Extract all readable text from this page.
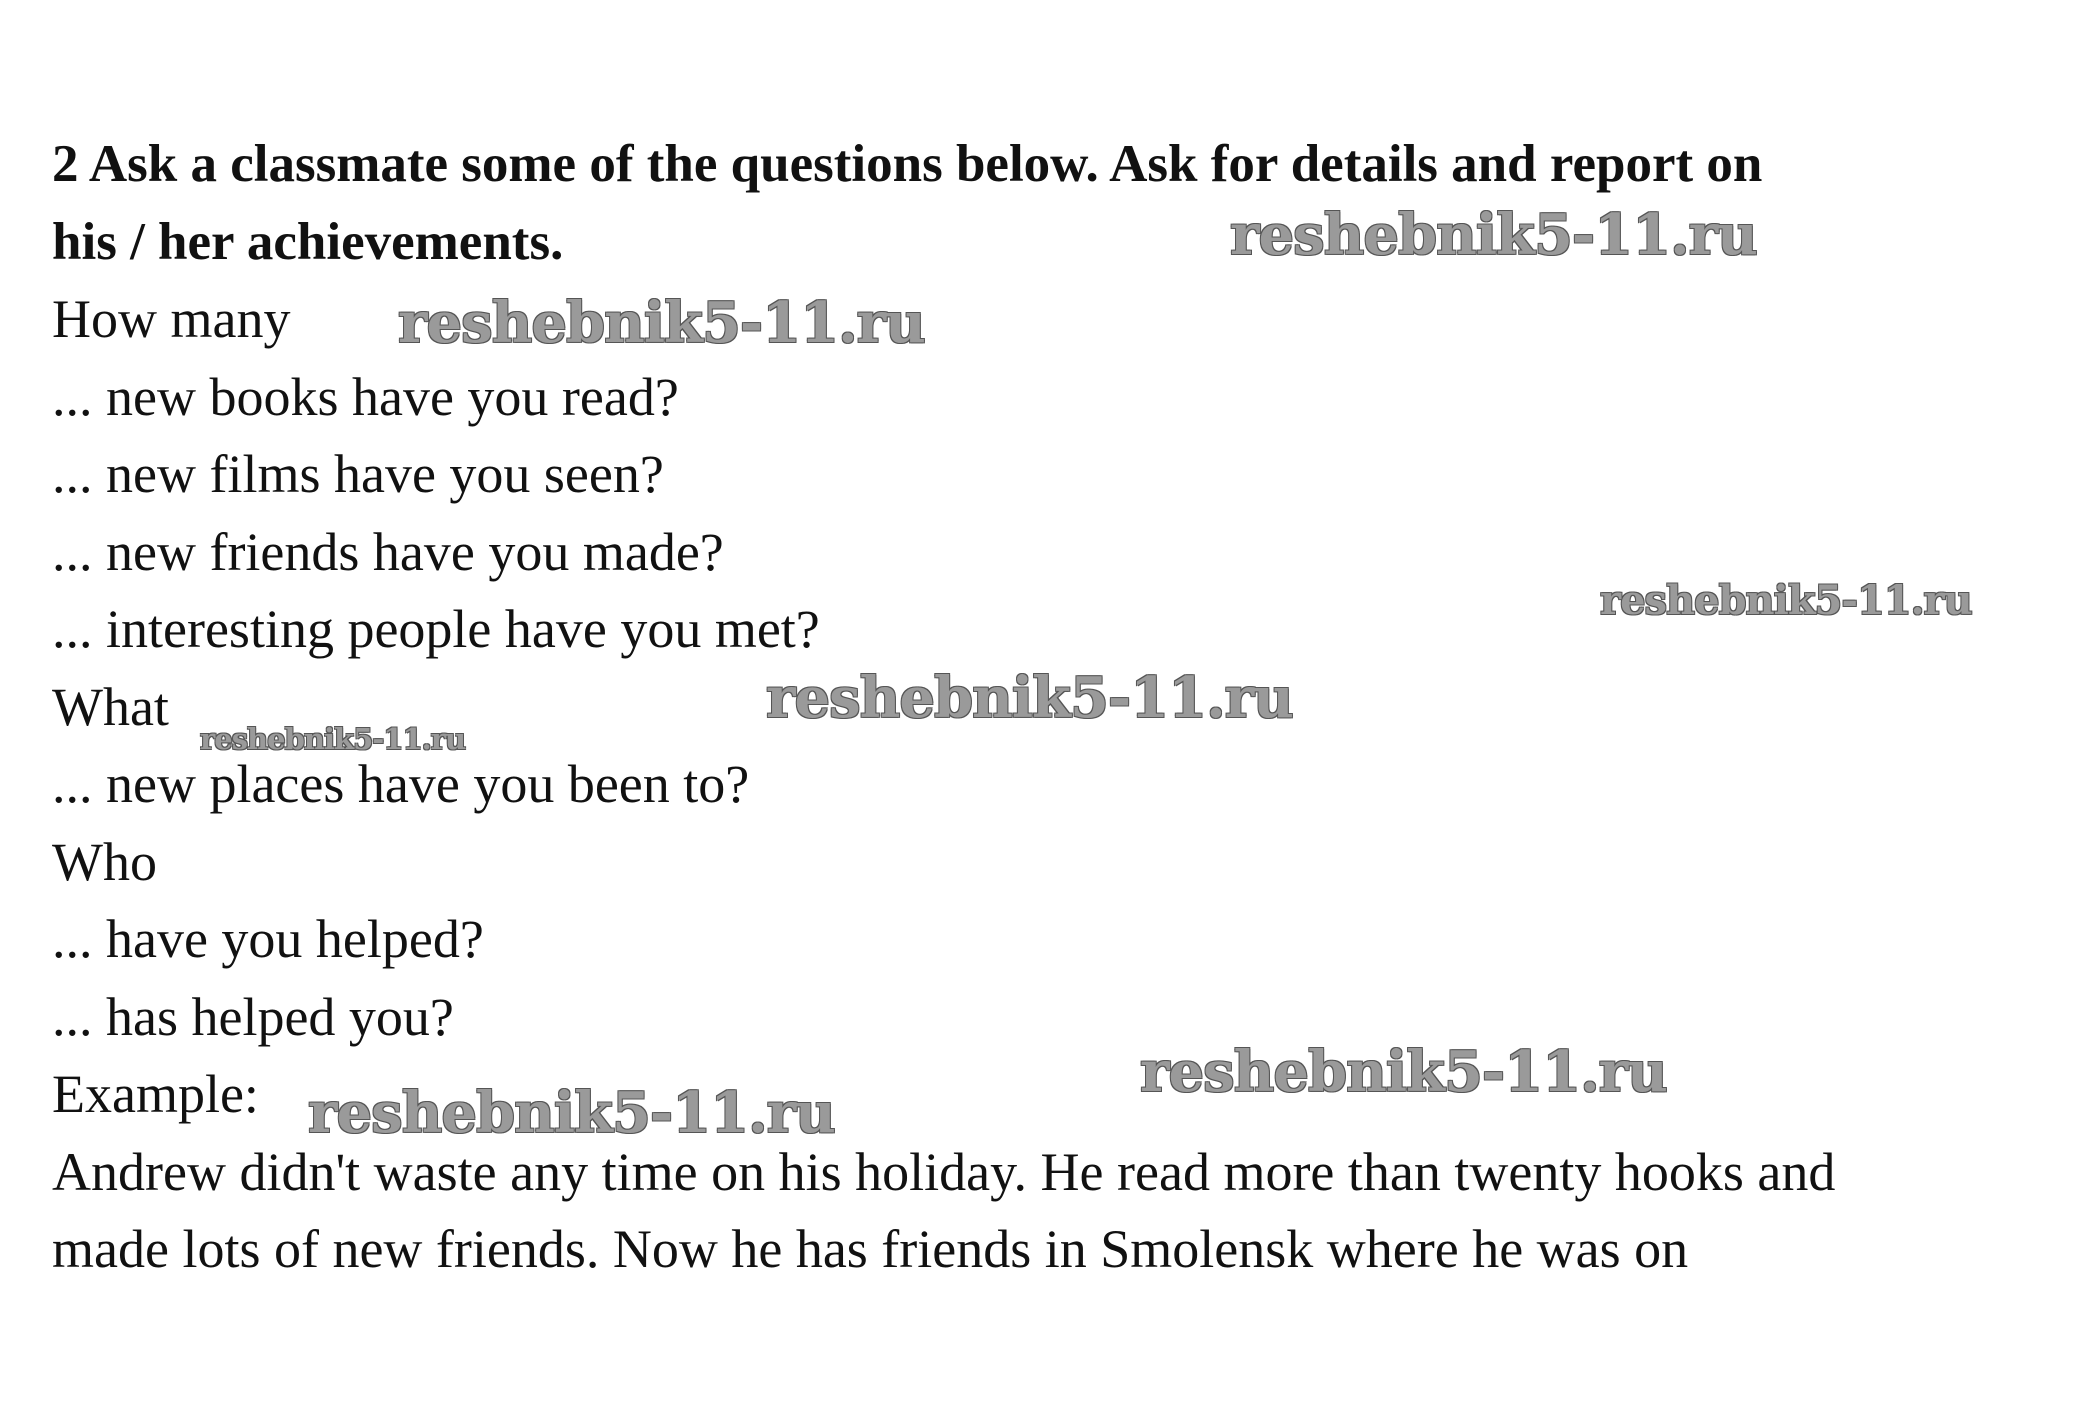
2 Ask a classmate some of the questions below. Ask for details and report on
his / her achievements.
How many
... new books have you read?
... new films have you seen?
... new friends have you made?
... interesting people have you met?
What
... new places have you been to?
Who
... have you helped?
... has helped you?
Example:
Andrew didn't waste any time on his holiday. He read more than twenty hooks and
made lots of new friends. Now he has friends in Smolensk where he was on
reshebnik5-11.ru
reshebnik5-11.ru
reshebnik5-11.ru
reshebnik5-11.ru
reshebnik5-11.ru
reshebnik5-11.ru
reshebnik5-11.ru
